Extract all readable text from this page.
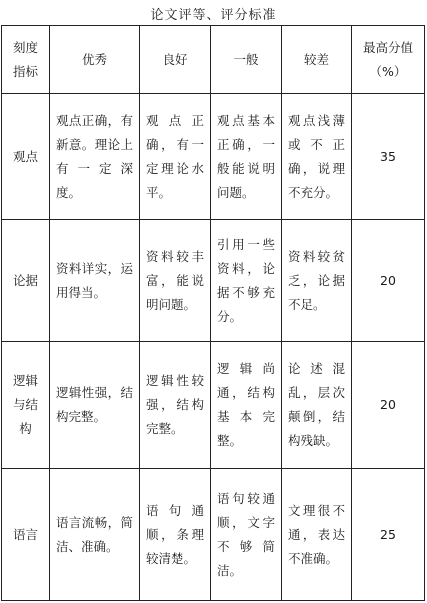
论文评等、评分标准
刻度
指标	优秀	良好	一般	较差	最高分值
（%）
观点	观点正确，有新意。理论上有一定深 度。	观 点 正 确，有一定理论水平。	观点基本正确，一般能说明问题。	观点浅薄或 不 正 确，说理不充分。	35
论据	资料详实，运用得当。	资料较丰富，能说明问题。	引用一些资料，论据不够充分。	资料较贫乏，论据不足。	20
逻辑
与结
构	逻辑性强，结构完整。	逻辑性较强，结构完整。	逻 辑 尚通，结构基 本 完整。	论 述 混乱，层次颠倒，结构残缺。	20
语言	语言流畅，简洁、准确。	语 句 通顺，条理较清楚。	语句较通顺，文字不 够 简洁。	文理很不通，表达不准确。	25
